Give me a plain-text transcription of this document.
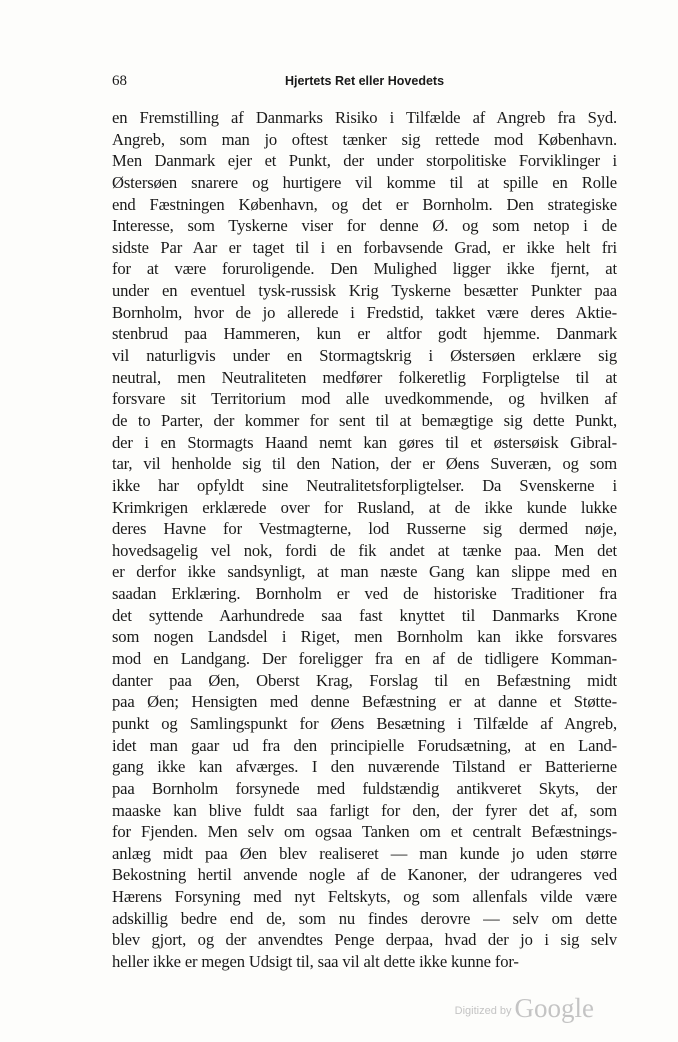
68	Hjertets Ret eller Hovedets
en Fremstilling af Danmarks Risiko i Tilfælde af Angreb fra Syd.
Angreb, som man jo oftest tænker sig rettede mod København.
Men Danmark ejer et Punkt, der under storpolitiske Forviklinger i
Østersøen snarere og hurtigere vil komme til at spille en Rolle
end Fæstningen København, og det er Bornholm. Den strategiske
Interesse, som Tyskerne viser for denne Ø. og som netop i de
sidste Par Aar er taget til i en forbavsende Grad, er ikke helt fri
for at være foruroligende. Den Mulighed ligger ikke fjernt, at
under en eventuel tysk-russisk Krig Tyskerne besætter Punkter paa
Bornholm, hvor de jo allerede i Fredstid, takket være deres Aktie-
stenbrud paa Hammeren, kun er altfor godt hjemme. Danmark
vil naturligvis under en Stormagtskrig i Østersøen erklære sig
neutral, men Neutraliteten medfører folkeretlig Forpligtelse til at
forsvare sit Territorium mod alle uvedkommende, og hvilken af
de to Parter, der kommer for sent til at bemægtige sig dette Punkt,
der i en Stormagts Haand nemt kan gøres til et østersøisk Gibral-
tar, vil henholde sig til den Nation, der er Øens Suveræn, og som
ikke har opfyldt sine Neutralitetsforpligtelser. Da Svenskerne i
Krimkrigen erklærede over for Rusland, at de ikke kunde lukke
deres Havne for Vestmagterne, lod Russerne sig dermed nøje,
hovedsagelig vel nok, fordi de fik andet at tænke paa. Men det
er derfor ikke sandsynligt, at man næste Gang kan slippe med en
saadan Erklæring. Bornholm er ved de historiske Traditioner fra
det syttende Aarhundrede saa fast knyttet til Danmarks Krone
som nogen Landsdel i Riget, men Bornholm kan ikke forsvares
mod en Landgang. Der foreligger fra en af de tidligere Komman-
danter paa Øen, Oberst Krag, Forslag til en Befæstning midt
paa Øen; Hensigten med denne Befæstning er at danne et Støtte-
punkt og Samlingspunkt for Øens Besætning i Tilfælde af Angreb,
idet man gaar ud fra den principielle Forudsætning, at en Land-
gang ikke kan afværges. I den nuværende Tilstand er Batterierne
paa Bornholm forsynede med fuldstændig antikveret Skyts, der
maaske kan blive fuldt saa farligt for den, der fyrer det af, som
for Fjenden. Men selv om ogsaa Tanken om et centralt Befæstnings-
anlæg midt paa Øen blev realiseret — man kunde jo uden større
Bekostning hertil anvende nogle af de Kanoner, der udrangeres ved
Hærens Forsyning med nyt Feltskyts, og som allenfals vilde være
adskillig bedre end de, som nu findes derovre — selv om dette
blev gjort, og der anvendtes Penge derpaa, hvad der jo i sig selv
heller ikke er megen Udsigt til, saa vil alt dette ikke kunne for-
Digitized by Google
